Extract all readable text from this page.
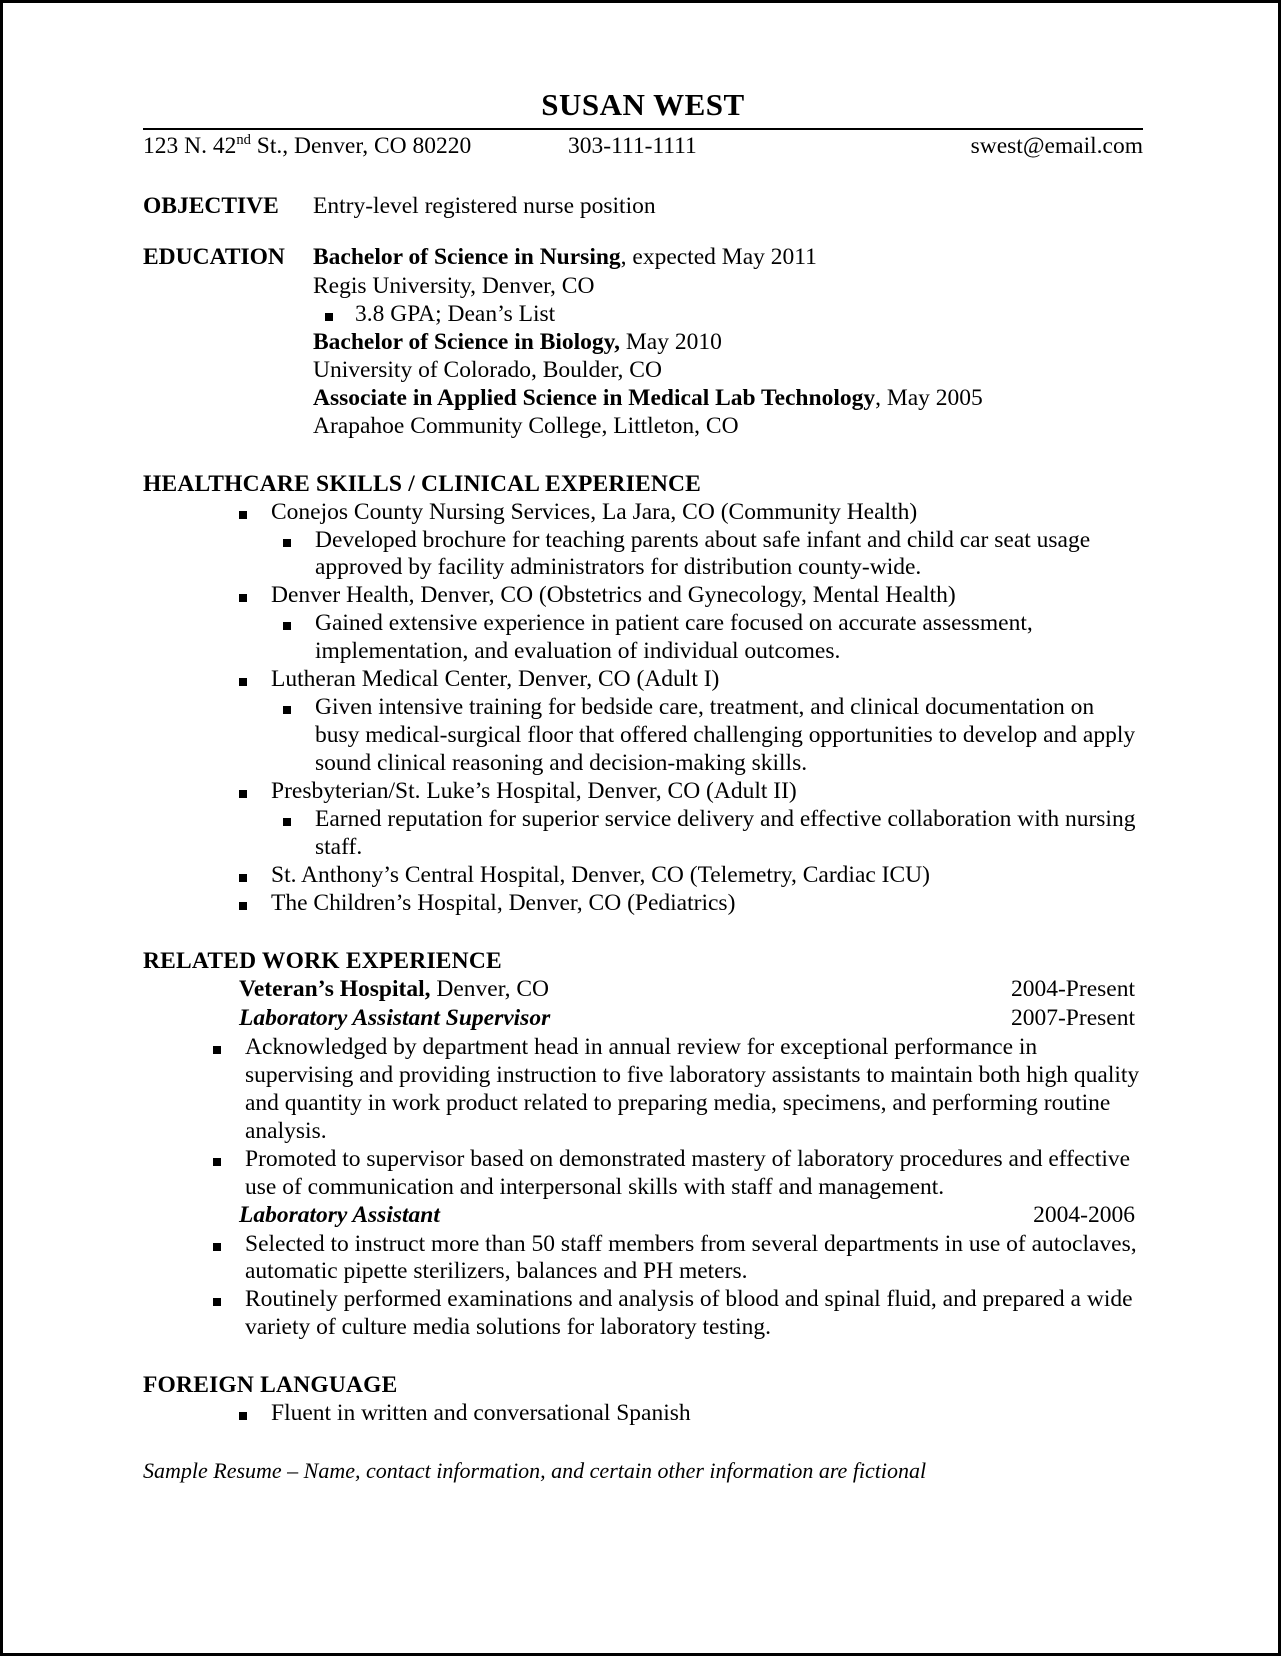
SUSAN WEST
123 N. 42nd St., Denver, CO 80220	303-111-1111	swest@email.com
OBJECTIVE Entry-level registered nurse position
EDUCATION Bachelor of Science in Nursing, expected May 2011
Regis University, Denver, CO
3.8 GPA; Dean’s List
Bachelor of Science in Biology, May 2010
University of Colorado, Boulder, CO
Associate in Applied Science in Medical Lab Technology, May 2005
Arapahoe Community College, Littleton, CO
HEALTHCARE SKILLS / CLINICAL EXPERIENCE
Conejos County Nursing Services, La Jara, CO (Community Health)
Developed brochure for teaching parents about safe infant and child car seat usage approved by facility administrators for distribution county-wide.
Denver Health, Denver, CO (Obstetrics and Gynecology, Mental Health)
Gained extensive experience in patient care focused on accurate assessment, implementation, and evaluation of individual outcomes.
Lutheran Medical Center, Denver, CO (Adult I)
Given intensive training for bedside care, treatment, and clinical documentation on busy medical-surgical floor that offered challenging opportunities to develop and apply sound clinical reasoning and decision-making skills.
Presbyterian/St. Luke’s Hospital, Denver, CO (Adult II)
Earned reputation for superior service delivery and effective collaboration with nursing staff.
St. Anthony’s Central Hospital, Denver, CO (Telemetry, Cardiac ICU)
The Children’s Hospital, Denver, CO (Pediatrics)
RELATED WORK EXPERIENCE
Veteran’s Hospital, Denver, CO	2004-Present
Laboratory Assistant Supervisor	2007-Present
Acknowledged by department head in annual review for exceptional performance in supervising and providing instruction to five laboratory assistants to maintain both high quality and quantity in work product related to preparing media, specimens, and performing routine analysis.
Promoted to supervisor based on demonstrated mastery of laboratory procedures and effective use of communication and interpersonal skills with staff and management.
Laboratory Assistant	2004-2006
Selected to instruct more than 50 staff members from several departments in use of autoclaves, automatic pipette sterilizers, balances and PH meters.
Routinely performed examinations and analysis of blood and spinal fluid, and prepared a wide variety of culture media solutions for laboratory testing.
FOREIGN LANGUAGE
Fluent in written and conversational Spanish
Sample Resume – Name, contact information, and certain other information are fictional
